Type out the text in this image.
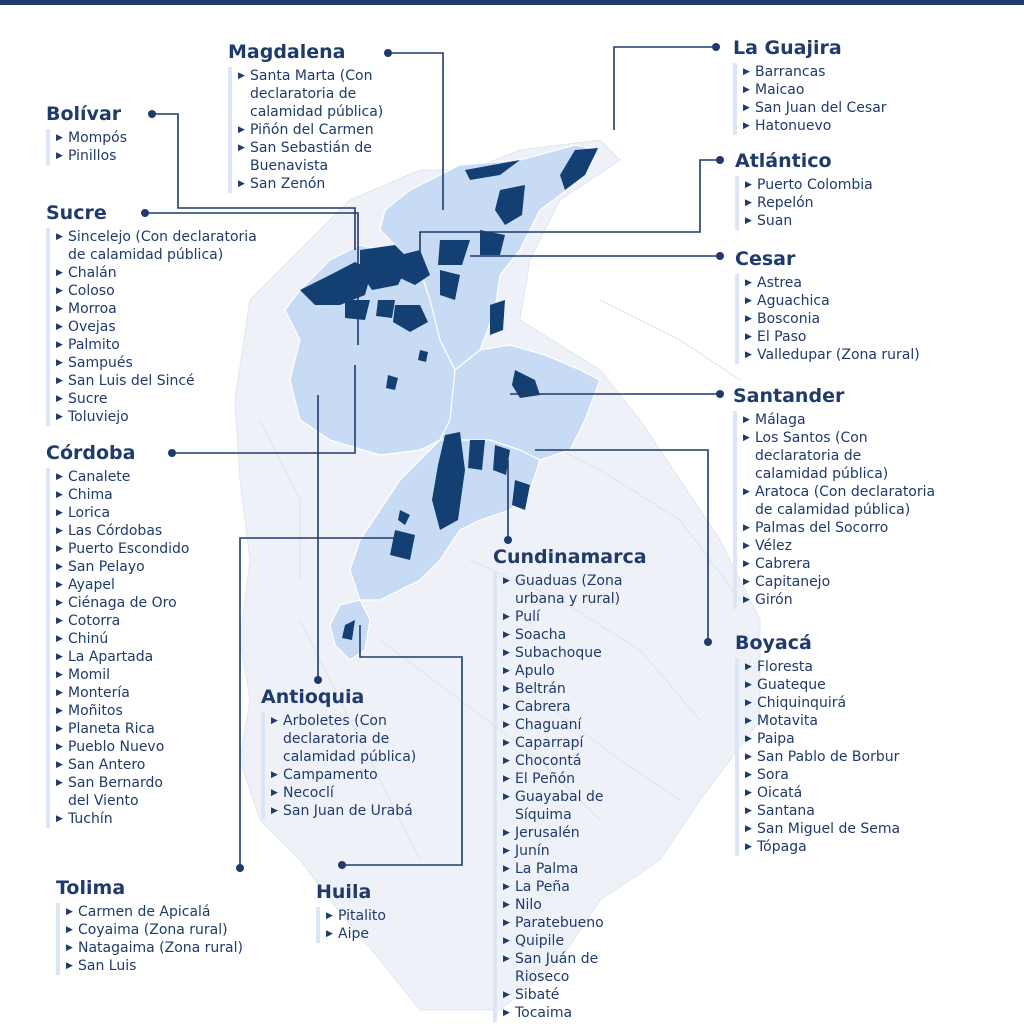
Magdalena
▶ Santa Marta (Con
declaratoria de
calamidad pública)
▶ Piñón del Carmen
▶ San Sebastián de
Buenavista
▶ San Zenón
La Guajira
▶ Barrancas
▶ Maicao
▶ San Juan del Cesar
▶ Hatonuevo
Bolívar
▶ Mompós
▶ Pinillos	Atlántico
▶ Puerto Colombia
▶ Repelón
▶ Suan
Sucre
▶ Sincelejo (Con declaratoria
de calamidad pública)
▶ Chalán
▶ Coloso
▶ Morroa
▶ Ovejas
▶ Palmito
▶ Sampués
▶ San Luis del Sincé
▶ Sucre
▶ Toluviejo
Cesar
▶ Astrea
▶ Aguachica
▶ Bosconia
▶ El Paso
▶ Valledupar (Zona rural)
Santander
▶ Málaga
▶ Los Santos (Con
declaratoria de
calamidad pública)
▶ Aratoca (Con declaratoria
de calamidad pública)
▶ Palmas del Socorro
▶ Vélez
▶ Cabrera
▶ Capitanejo
▶ Girón
Córdoba
▶ Canalete
▶ Chima
▶ Lorica
▶ Las Córdobas
▶ Puerto Escondido
▶ San Pelayo
▶ Ayapel
▶ Ciénaga de Oro
▶ Cotorra
▶ Chinú
▶ La Apartada
▶ Momil
▶ Montería
▶ Moñitos
▶ Planeta Rica
▶ Pueblo Nuevo
▶ San Antero
▶ San Bernardo
del Viento
▶ Tuchín
Cundinamarca
▶ Guaduas (Zona
urbana y rural)
▶ Pulí
▶ Soacha
▶ Subachoque
▶ Apulo
▶ Beltrán
▶ Cabrera
▶ Chaguaní
▶ Caparrapí
▶ Chocontá
▶ El Peñón
▶ Guayabal de
Síquima
▶ Jerusalén
▶ Junín
▶ La Palma
▶ La Peña
▶ Nilo
▶ Paratebueno
▶ Quipile
▶ San Juán de
Rioseco
▶ Sibaté
▶ Tocaima
Boyacá
▶ Floresta
▶ Guateque
▶ Chiquinquirá
▶ Motavita
▶ Paipa
▶ San Pablo de Borbur
▶ Sora
▶ Oicatá
▶ Santana
▶ San Miguel de Sema
▶ Tópaga
Antioquia
▶ Arboletes (Con
declaratoria de
calamidad pública)
▶ Campamento
▶ Necoclí
▶ San Juan de Urabá
Tolima
▶ Carmen de Apicalá
▶ Coyaima (Zona rural)
▶ Natagaima (Zona rural)
▶ San Luis
Huila
▶ Pitalito
▶ Aipe
